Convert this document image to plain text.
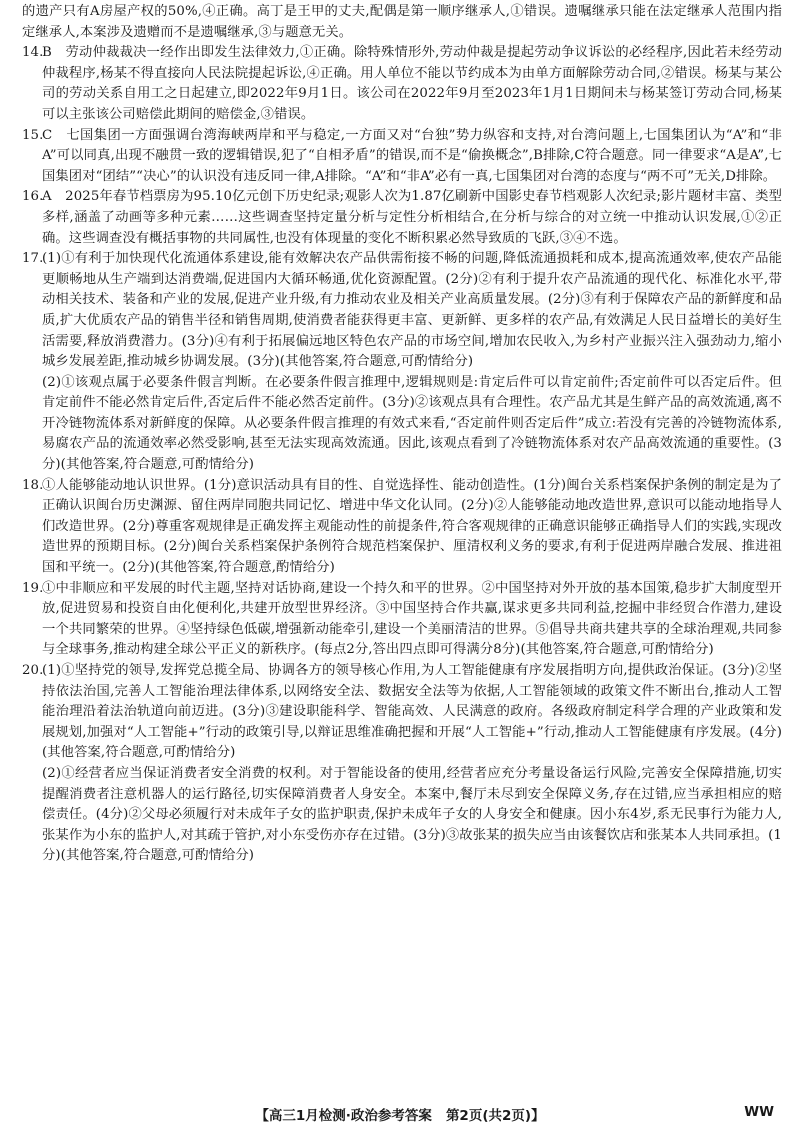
的遗产只有A房屋产权的50%,④正确。高丁是王甲的丈夫,配偶是第一顺序继承人,①错误。遗嘱继承只能在法定继承人范围内指定继承人,本案涉及遗赠而不是遗嘱继承,③与题意无关。

14.

B　劳动仲裁裁决一经作出即发生法律效力,①正确。除特殊情形外,劳动仲裁是提起劳动争议诉讼的必经程序,因此若未经劳动仲裁程序,杨某不得直接向人民法院提起诉讼,④正确。用人单位不能以节约成本为由单方面解除劳动合同,②错误。杨某与某公司的劳动关系自用工之日起建立,即2022年9月1日。该公司在2022年9月至2023年1月1日期间未与杨某签订劳动合同,杨某可以主张该公司赔偿此期间的赔偿金,③错误。

15.

C　七国集团一方面强调台湾海峡两岸和平与稳定,一方面又对“台独”势力纵容和支持,对台湾问题上,七国集团认为“A”和“非A”可以同真,出现不融贯一致的逻辑错误,犯了“自相矛盾”的错误,而不是“偷换概念”,B排除,C符合题意。同一律要求“A是A”,七国集团对“团结”“决心”的认识没有违反同一律,A排除。“A”和“非A”必有一真,七国集团对台湾的态度与“两不可”无关,D排除。

16.

A　2025年春节档票房为95.10亿元创下历史纪录;观影人次为1.87亿刷新中国影史春节档观影人次纪录;影片题材丰富、类型多样,涵盖了动画等多种元素……这些调查坚持定量分析与定性分析相结合,在分析与综合的对立统一中推动认识发展,①②正确。这些调查没有概括事物的共同属性,也没有体现量的变化不断积累必然导致质的飞跃,③④不选。

17.

(1)①有利于加快现代化流通体系建设,能有效解决农产品供需衔接不畅的问题,降低流通损耗和成本,提高流通效率,使农产品能更顺畅地从生产端到达消费端,促进国内大循环畅通,优化资源配置。(2分)②有利于提升农产品流通的现代化、标准化水平,带动相关技术、装备和产业的发展,促进产业升级,有力推动农业及相关产业高质量发展。(2分)③有利于保障农产品的新鲜度和品质,扩大优质农产品的销售半径和销售周期,使消费者能获得更丰富、更新鲜、更多样的农产品,有效满足人民日益增长的美好生活需要,释放消费潜力。(3分)④有利于拓展偏远地区特色农产品的市场空间,增加农民收入,为乡村产业振兴注入强劲动力,缩小城乡发展差距,推动城乡协调发展。(3分)(其他答案,符合题意,可酌情给分)

(2)①该观点属于必要条件假言判断。在必要条件假言推理中,逻辑规则是:肯定后件可以肯定前件;否定前件可以否定后件。但肯定前件不能必然肯定后件,否定后件不能必然否定前件。(3分)②该观点具有合理性。农产品尤其是生鲜产品的高效流通,离不开冷链物流体系对新鲜度的保障。从必要条件假言推理的有效式来看,“否定前件则否定后件”成立:若没有完善的冷链物流体系,易腐农产品的流通效率必然受影响,甚至无法实现高效流通。因此,该观点看到了冷链物流体系对农产品高效流通的重要性。(3分)(其他答案,符合题意,可酌情给分)

18.

①人能够能动地认识世界。(1分)意识活动具有目的性、自觉选择性、能动创造性。(1分)闽台关系档案保护条例的制定是为了正确认识闽台历史渊源、留住两岸同胞共同记忆、增进中华文化认同。(2分)②人能够能动地改造世界,意识可以能动地指导人们改造世界。(2分)尊重客观规律是正确发挥主观能动性的前提条件,符合客观规律的正确意识能够正确指导人们的实践,实现改造世界的预期目标。(2分)闽台关系档案保护条例符合规范档案保护、厘清权利义务的要求,有利于促进两岸融合发展、推进祖国和平统一。(2分)(其他答案,符合题意,酌情给分)

19.

①中非顺应和平发展的时代主题,坚持对话协商,建设一个持久和平的世界。②中国坚持对外开放的基本国策,稳步扩大制度型开放,促进贸易和投资自由化便利化,共建开放型世界经济。③中国坚持合作共赢,谋求更多共同利益,挖掘中非经贸合作潜力,建设一个共同繁荣的世界。④坚持绿色低碳,增强新动能牵引,建设一个美丽清洁的世界。⑤倡导共商共建共享的全球治理观,共同参与全球事务,推动构建全球公平正义的新秩序。(每点2分,答出四点即可得满分8分)(其他答案,符合题意,可酌情给分)

20.

(1)①坚持党的领导,发挥党总揽全局、协调各方的领导核心作用,为人工智能健康有序发展指明方向,提供政治保证。(3分)②坚持依法治国,完善人工智能治理法律体系,以网络安全法、数据安全法等为依据,人工智能领域的政策文件不断出台,推动人工智能治理沿着法治轨道向前迈进。(3分)③建设职能科学、智能高效、人民满意的政府。各级政府制定科学合理的产业政策和发展规划,加强对“人工智能+”行动的政策引导,以辩证思维准确把握和开展“人工智能+”行动,推动人工智能健康有序发展。(4分)(其他答案,符合题意,可酌情给分)

(2)①经营者应当保证消费者安全消费的权利。对于智能设备的使用,经营者应充分考量设备运行风险,完善安全保障措施,切实提醒消费者注意机器人的运行路径,切实保障消费者人身安全。本案中,餐厅未尽到安全保障义务,存在过错,应当承担相应的赔偿责任。(4分)②父母必须履行对未成年子女的监护职责,保护未成年子女的人身安全和健康。因小东4岁,系无民事行为能力人,张某作为小东的监护人,对其疏于管护,对小东受伤亦存在过错。(3分)③故张某的损失应当由该餐饮店和张某本人共同承担。(1分)(其他答案,符合题意,可酌情给分)

【高三1月检测·政治参考答案 第2页(共2页)】	WW
